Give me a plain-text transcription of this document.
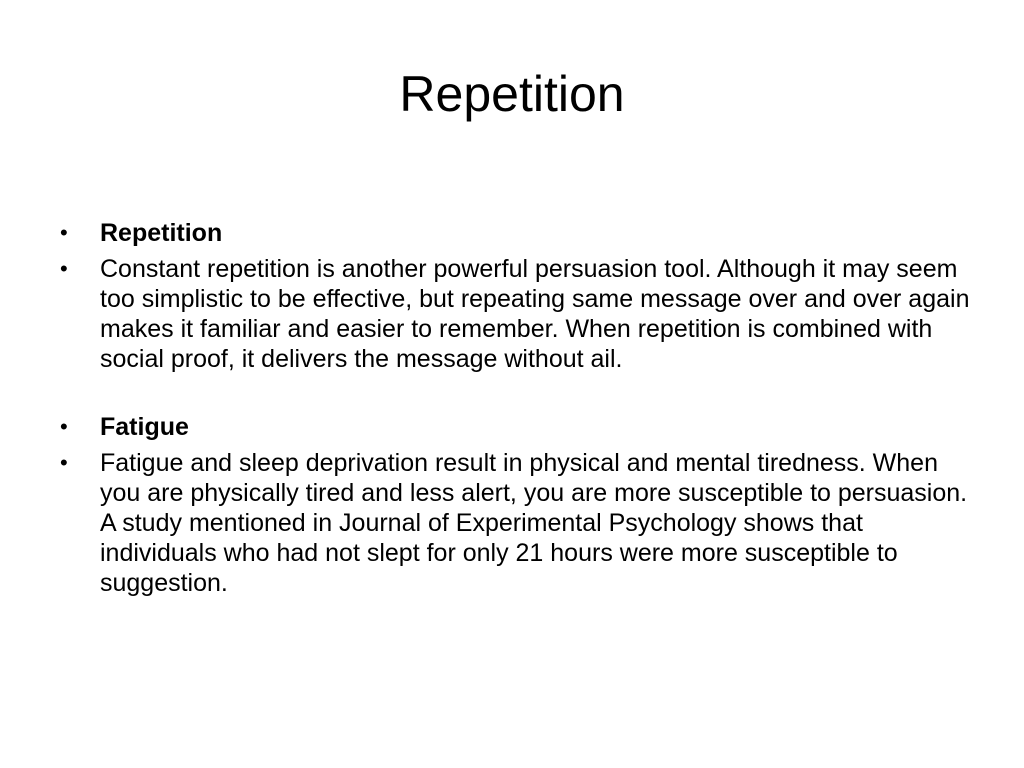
Repetition
•	Repetition
•	Constant repetition is another powerful persuasion tool. Although it may seem too simplistic to be effective, but repeating same message over and over again makes it familiar and easier to remember. When repetition is combined with social proof, it delivers the message without ail.
•	Fatigue
•	Fatigue and sleep deprivation result in physical and mental tiredness. When you are physically tired and less alert, you are more susceptible to persuasion. A study mentioned in Journal of Experimental Psychology shows that individuals who had not slept for only 21 hours were more susceptible to suggestion.
